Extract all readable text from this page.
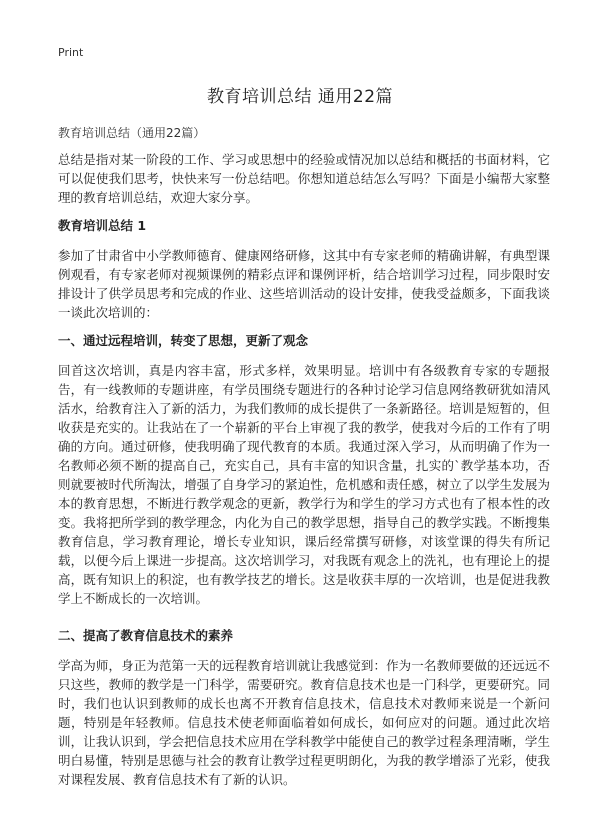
Print
教育培训总结 通用22篇
教育培训总结（通用22篇）

总结是指对某一阶段的工作、学习或思想中的经验或情况加以总结和概括的书面材料，它可以促使我们思考，快快来写一份总结吧。你想知道总结怎么写吗？下面是小编帮大家整理的教育培训总结，欢迎大家分享。

教育培训总结 1

参加了甘肃省中小学教师德育、健康网络研修，这其中有专家老师的精确讲解，有典型课例观看，有专家老师对视频课例的精彩点评和课例评析，结合培训学习过程，同步限时安排设计了供学员思考和完成的作业、这些培训活动的设计安排，使我受益颇多，下面我谈一谈此次培训的：

一、通过远程培训，转变了思想，更新了观念

回首这次培训，真是内容丰富，形式多样，效果明显。培训中有各级教育专家的专题报告，有一线教师的专题讲座，有学员围绕专题进行的各种讨论学习信息网络教研犹如清风活水，给教育注入了新的活力，为我们教师的成长提供了一条新路径。培训是短暂的，但收获是充实的。让我站在了一个崭新的平台上审视了我的教学，使我对今后的工作有了明确的方向。通过研修，使我明确了现代教育的本质。我通过深入学习，从而明确了作为一名教师必须不断的提高自己，充实自己，具有丰富的知识含量，扎实的`教学基本功，否则就要被时代所淘汰，增强了自身学习的紧迫性，危机感和责任感，树立了以学生发展为本的教育思想，不断进行教学观念的更新，教学行为和学生的学习方式也有了根本性的改变。我将把所学到的教学理念，内化为自己的教学思想，指导自己的教学实践。不断搜集教育信息，学习教育理论，增长专业知识，课后经常撰写研修，对该堂课的得失有所记载，以便今后上课进一步提高。这次培训学习，对我既有观念上的洗礼，也有理论上的提高，既有知识上的积淀，也有教学技艺的增长。这是收获丰厚的一次培训，也是促进我教学上不断成长的一次培训。

二、提高了教育信息技术的素养

学高为师，身正为范第一天的远程教育培训就让我感觉到：作为一名教师要做的还远远不只这些，教师的教学是一门科学，需要研究。教育信息技术也是一门科学，更要研究。同时，我们也认识到教师的成长也离不开教育信息技术，信息技术对教师来说是一个新问题，特别是年轻教师。信息技术使老师面临着如何成长，如何应对的问题。通过此次培训，让我认识到，学会把信息技术应用在学科教学中能使自己的教学过程条理清晰，学生明白易懂，特别是思德与社会的教育让教学过程更明朗化，为我的教学增添了光彩，使我对课程发展、教育信息技术有了新的认识。
